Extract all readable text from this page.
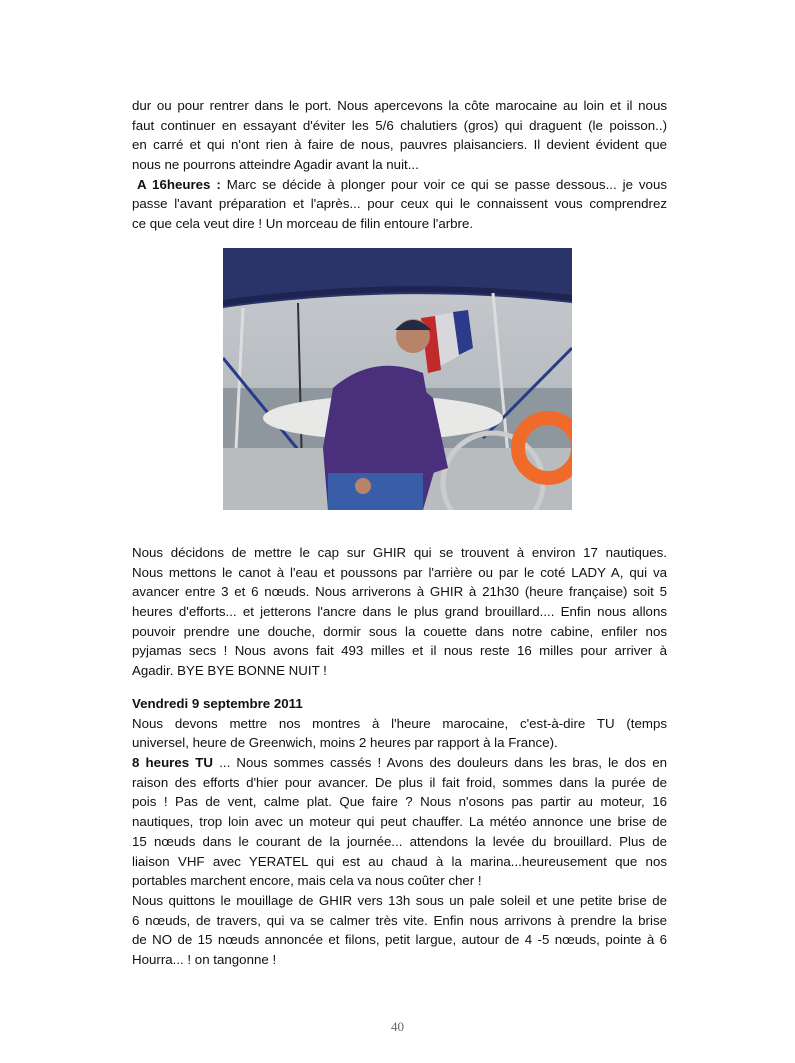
dur ou pour rentrer dans le port. Nous apercevons la côte marocaine au loin et il nous
faut continuer en essayant d'éviter les 5/6 chalutiers (gros) qui draguent (le poisson..)
en carré et qui n'ont rien à faire de nous, pauvres plaisanciers. Il devient évident que
nous ne pourrons atteindre Agadir avant la nuit...
A 16heures : Marc se décide à plonger pour voir ce qui se passe dessous... je vous
passe l'avant préparation et l'après... pour ceux qui le connaissent vous comprendrez
ce que cela veut dire ! Un morceau de filin entoure l'arbre.
Nous décidons de mettre le cap sur GHIR qui se trouvent à environ 17 nautiques.
Nous mettons le canot à l'eau et poussons par l'arrière ou par le coté LADY A, qui va
avancer entre 3 et 6 nœuds. Nous arriverons à GHIR à 21h30 (heure française) soit 5
heures d'efforts... et jetterons l'ancre dans le plus grand brouillard.... Enfin nous allons
pouvoir prendre une douche, dormir sous la couette dans notre cabine, enfiler nos
pyjamas secs ! Nous avons fait 493 milles et il nous reste 16 milles pour arriver à
Agadir. BYE BYE BONNE NUIT !
Vendredi 9 septembre 2011
Nous devons mettre nos montres à l'heure marocaine, c'est-à-dire TU (temps
universel, heure de Greenwich, moins 2 heures par rapport à la France).
8 heures TU ... Nous sommes cassés ! Avons des douleurs dans les bras, le dos en
raison des efforts d'hier pour avancer. De plus il fait froid, sommes dans la purée de
pois ! Pas de vent, calme plat. Que faire ? Nous n'osons pas partir au moteur, 16
nautiques, trop loin avec un moteur qui peut chauffer. La météo annonce une brise de
15 nœuds dans le courant de la journée... attendons la levée du brouillard. Plus de
liaison VHF avec YERATEL qui est au chaud à la marina...heureusement que nos
portables marchent encore, mais cela va nous coûter cher !
Nous quittons le mouillage de GHIR vers 13h sous un pale soleil et une petite brise de
6 nœuds, de travers, qui va se calmer très vite. Enfin nous arrivons à prendre la brise
de NO de 15 nœuds annoncée et filons, petit largue, autour de 4 -5 nœuds, pointe à 6
Hourra... ! on tangonne !
40
